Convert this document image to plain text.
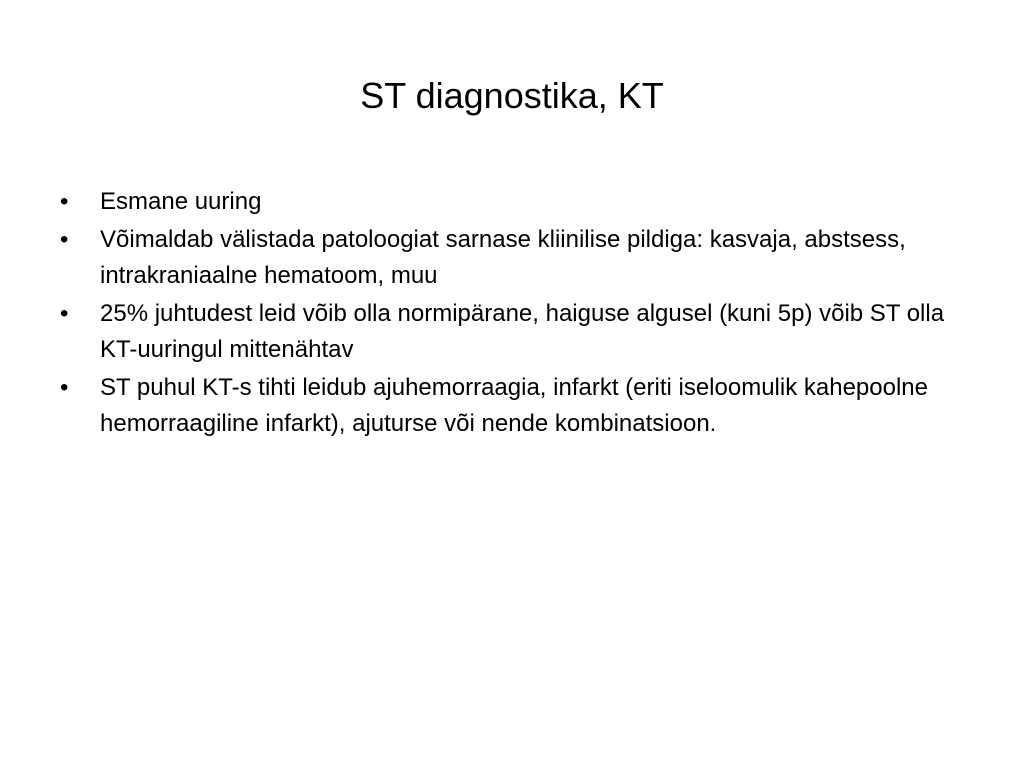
ST diagnostika, KT
•	Esmane uuring
•	Võimaldab välistada patoloogiat sarnase kliinilise pildiga: kasvaja, abstsess, intrakraniaalne hematoom, muu
•	25% juhtudest leid võib olla normipärane, haiguse algusel (kuni 5p) võib ST olla KT-uuringul mittenähtav
•	ST puhul KT-s tihti leidub ajuhemorraagia, infarkt (eriti iseloomulik kahepoolne hemorraagiline infarkt), ajuturse või nende kombinatsioon.
